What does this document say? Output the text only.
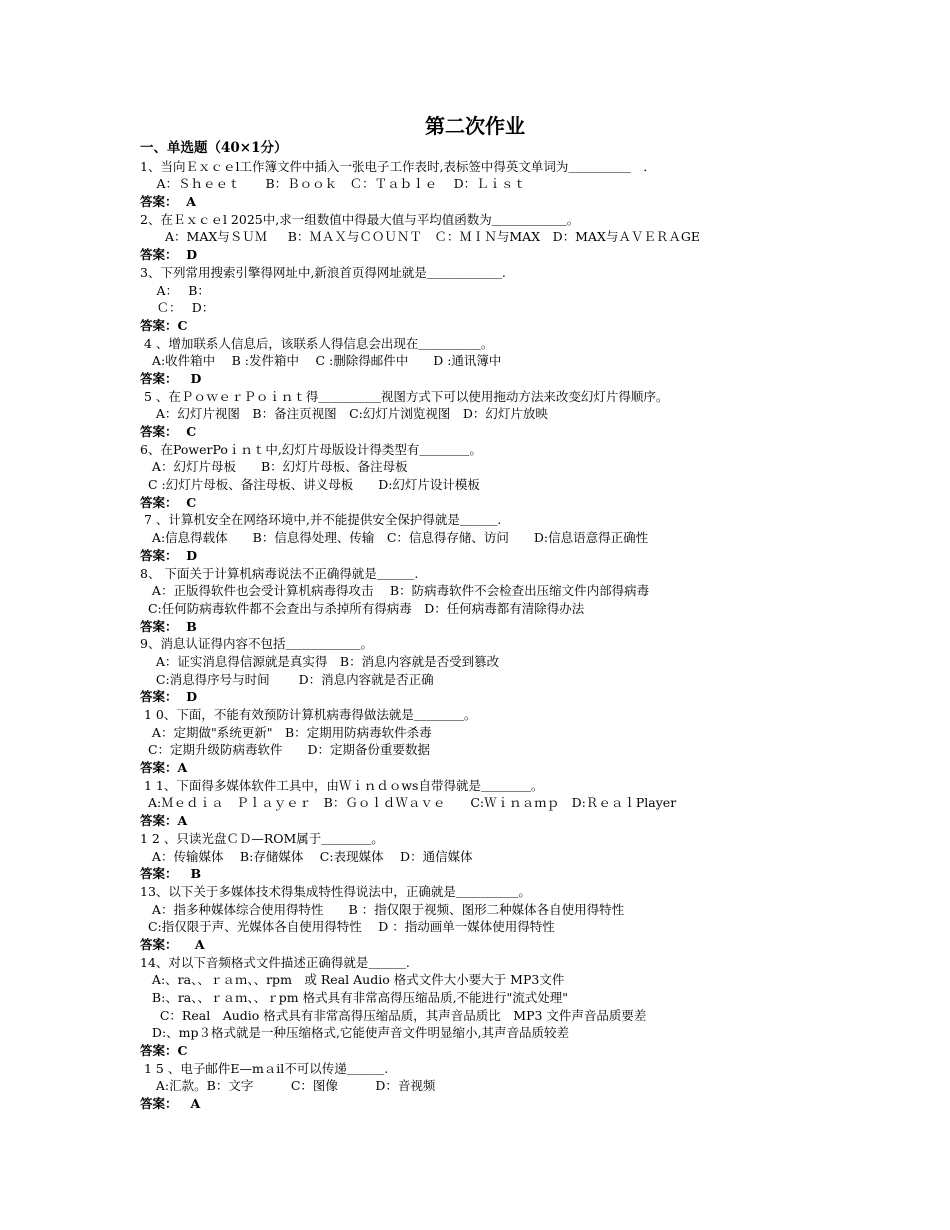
第二次作业
一、单选题（40×1分）
1、当向Ｅｘｃｅl工作簿文件中插入一张电子工作表时,表标签中得英文单词为＿＿＿＿＿　．
　 A：Ｓｈｅｅｔ　　B：Ｂｏｏｋ　Ｃ：Ｔａｂｌｅ　 D：Ｌｉｓｔ
答案：  A
2、在Ｅｘｃｅl 2025中,求一组数值中得最大值与平均值函数为＿＿＿＿＿＿。
　　A：MAX与ＳＵＭ　  B：ＭＡＸ与ＣＯＵＮＴ　Ｃ：ＭＩＮ与MAX　D：MAX与ＡＶＥＲＡGE
答案：  D
3、下列常用搜索引擎得网址中,新浪首页得网址就是＿＿＿＿＿＿.
　 A：　 B：
　 Ｃ：　 D：
答案：C
4 、增加联系人信息后，该联系人得信息会出现在＿＿＿＿＿。
A:收件箱中　 B :发件箱中　 C :删除得邮件中　　D :通讯簿中
答案：   D
5 、在ＰｏｗｅｒＰｏｉｎｔ得＿＿＿＿＿视图方式下可以使用拖动方法来改变幻灯片得顺序。
A：幻灯片视图　B：备注页视图　C:幻灯片浏览视图　D：幻灯片放映
答案：  C
6、在PowerPoｉｎｔ中,幻灯片母版设计得类型有＿＿＿＿。
A：幻灯片母板　　B：幻灯片母板、备注母板
C :幻灯片母板、备注母板、讲义母板　　D:幻灯片设计模板
答案：  C
7 、计算机安全在网络环境中,并不能提供安全保护得就是＿＿＿.
A:信息得载体　　B：信息得处理、传输　C：信息得存储、访问　　D:信息语意得正确性
答案：  D
8、 下面关于计算机病毒说法不正确得就是＿＿＿.
A：正版得软件也会受计算机病毒得攻击　 B：防病毒软件不会检查出压缩文件内部得病毒
C:任何防病毒软件都不会查出与杀掉所有得病毒　D：任何病毒都有清除得办法
答案：  B
9、消息认证得内容不包括＿＿＿＿＿＿。
A：证实消息得信源就是真实得　B：消息内容就是否受到篡改
C:消息得序号与时间　　 D：消息内容就是否正确
答案：  D
1 0、下面，不能有效预防计算机病毒得做法就是＿＿＿＿。
A：定期做"系统更新"　B：定期用防病毒软件杀毒
C：定期升级防病毒软件　　D：定期备份重要数据
答案：A
1 1、下面得多媒体软件工具中，由Ｗｉｎｄｏws自带得就是＿＿＿＿。
A:Ｍｅｄｉａ　Ｐｌａｙｅｒ　B：ＧｏｌｄＷａｖｅ　　C:Ｗｉｎａｍｐ　D:ＲｅａｌPlayer
答案：A
1 2 、只读光盘ＣＤ—ROM属于＿＿＿＿。
A：传输媒体　 B:存储媒体　 C:表现媒体　 D：通信媒体
答案：   B
13、以下关于多媒体技术得集成特性得说法中，正确就是＿＿＿＿＿。
A：指多种媒体综合使用得特性　　B ：指仅限于视频、图形二种媒体各自使用得特性
C:指仅限于声、光媒体各自使用得特性　 D ：指动画单一媒体使用得特性
答案：    A
14、对以下音频格式文件描述正确得就是＿＿＿.
A:、ra、、ｒａｍ、、rpm　或 Real Audio 格式文件大小要大于 MP3文件
B:、ra、、ｒａｍ、、ｒpm 格式具有非常高得压缩品质,不能进行"流式处理"
C：Real　Audio 格式具有非常高得压缩品质，其声音品质比　MP3 文件声音品质要差
D:、mp３格式就是一种压缩格式,它能使声音文件明显缩小,其声音品质较差
答案：C
1 5 、电子邮件E—mａil不可以传递＿＿＿.
A:汇款。B：文字　　　C：图像　　　D：音视频
答案：   A
